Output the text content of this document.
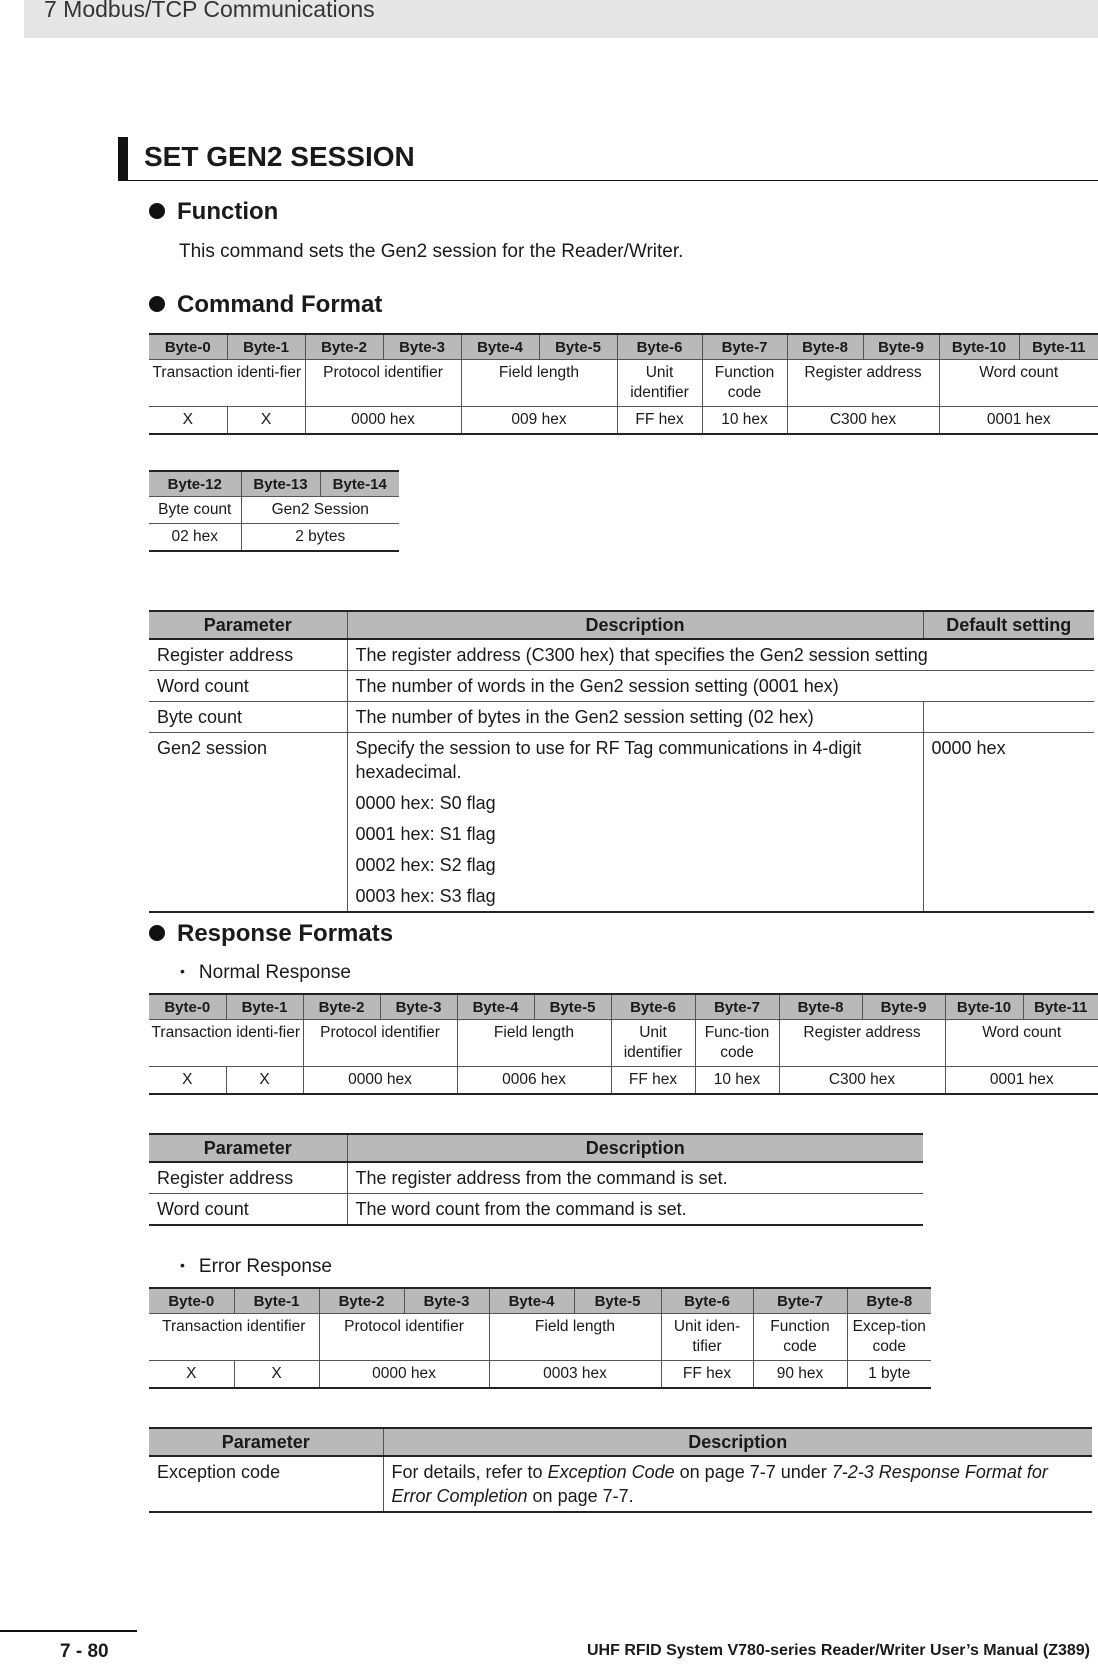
7 Modbus/TCP Communications
SET GEN2 SESSION
Function
This command sets the Gen2 session for the Reader/Writer.
Command Format
Byte-0	Byte-1	Byte-2	Byte-3	Byte-4	Byte-5	Byte-6	Byte-7	Byte-8	Byte-9	Byte-10	Byte-11
Transaction identi-fier		Protocol identifier		Field length		Unit identifier	Function code	Register address		Word count	
X	X	0000 hex		009 hex		FF hex	10 hex	C300 hex		0001 hex	
Byte-12	Byte-13	Byte-14
Byte count	Gen2 Session	
02 hex	2 bytes	
Parameter	Description	Default setting
Register address	The register address (C300 hex) that specifies the Gen2 session setting	
Word count	The number of words in the Gen2 session setting (0001 hex)	
Byte count	The number of bytes in the Gen2 session setting (02 hex)	
Gen2 session	Specify the session to use for RF Tag communications in 4-digit hexadecimal.
0000 hex: S0 flag
0001 hex: S1 flag
0002 hex: S2 flag
0003 hex: S3 flag	0000 hex
Response Formats
• Normal Response
Byte-0	Byte-1	Byte-2	Byte-3	Byte-4	Byte-5	Byte-6	Byte-7	Byte-8	Byte-9	Byte-10	Byte-11
Transaction identi-fier		Protocol identifier		Field length		Unit identifier	Func-tion code	Register address		Word count	
X	X	0000 hex		0006 hex		FF hex	10 hex	C300 hex		0001 hex	
Parameter	Description
Register address	The register address from the command is set.
Word count	The word count from the command is set.
• Error Response
Byte-0	Byte-1	Byte-2	Byte-3	Byte-4	Byte-5	Byte-6	Byte-7	Byte-8
Transaction identifier		Protocol identifier		Field length		Unit iden-tifier	Function code	Excep-tion code
X	X	0000 hex		0003 hex		FF hex	90 hex	1 byte
Parameter	Description
Exception code	For details, refer to Exception Code on page 7-7 under 7-2-3 Response Format for Error Completion on page 7-7.
7 - 80	UHF RFID System V780-series Reader/Writer User’s Manual (Z389)
